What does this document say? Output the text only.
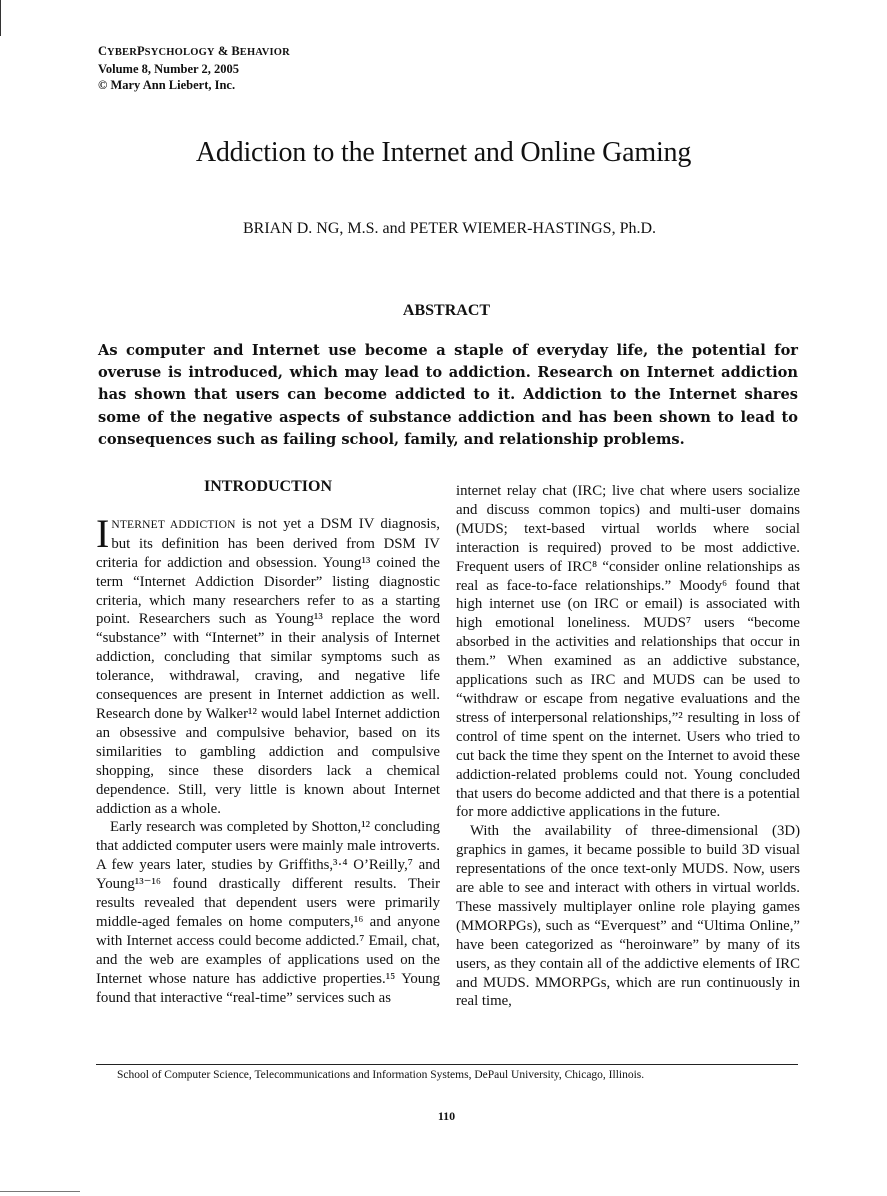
CYBERPSYCHOLOGY & BEHAVIOR
Volume 8, Number 2, 2005
© Mary Ann Liebert, Inc.
Addiction to the Internet and Online Gaming
BRIAN D. NG, M.S. and PETER WIEMER-HASTINGS, Ph.D.
ABSTRACT
As computer and Internet use become a staple of everyday life, the potential for overuse is introduced, which may lead to addiction. Research on Internet addiction has shown that users can become addicted to it. Addiction to the Internet shares some of the negative aspects of substance addiction and has been shown to lead to consequences such as failing school, family, and relationship problems.
INTRODUCTION

INTERNET ADDICTION is not yet a DSM IV diagnosis, but its definition has been derived from DSM IV criteria for addiction and obsession. Young¹³ coined the term “Internet Addiction Disorder” listing diagnostic criteria, which many researchers refer to as a starting point. Researchers such as Young¹³ replace the word “substance” with “Internet” in their analysis of Internet addiction, concluding that similar symptoms such as tolerance, withdrawal, craving, and negative life consequences are present in Internet addiction as well. Research done by Walker¹² would label Internet addiction an obsessive and compulsive behavior, based on its similarities to gambling addiction and compulsive shopping, since these disorders lack a chemical dependence. Still, very little is known about Internet addiction as a whole.

Early research was completed by Shotton,¹² concluding that addicted computer users were mainly male introverts. A few years later, studies by Griffiths,³·⁴ O’Reilly,⁷ and Young¹³⁻¹⁶ found drastically different results. Their results revealed that dependent users were primarily middle-aged females on home computers,¹⁶ and anyone with Internet access could become addicted.⁷ Email, chat, and the web are examples of applications used on the Internet whose nature has addictive properties.¹⁵ Young found that interactive “real-time” services such as

internet relay chat (IRC; live chat where users socialize and discuss common topics) and multi-user domains (MUDS; text-based virtual worlds where social interaction is required) proved to be most addictive. Frequent users of IRC⁸ “consider online relationships as real as face-to-face relationships.” Moody⁶ found that high internet use (on IRC or email) is associated with high emotional loneliness. MUDS⁷ users “become absorbed in the activities and relationships that occur in them.” When examined as an addictive substance, applications such as IRC and MUDS can be used to “withdraw or escape from negative evaluations and the stress of interpersonal relationships,”² resulting in loss of control of time spent on the internet. Users who tried to cut back the time they spent on the Internet to avoid these addiction-related problems could not. Young concluded that users do become addicted and that there is a potential for more addictive applications in the future.

With the availability of three-dimensional (3D) graphics in games, it became possible to build 3D visual representations of the once text-only MUDS. Now, users are able to see and interact with others in virtual worlds. These massively multiplayer online role playing games (MMORPGs), such as “Everquest” and “Ultima Online,” have been categorized as “heroinware” by many of its users, as they contain all of the addictive elements of IRC and MUDS. MMORPGs, which are run continuously in real time,

School of Computer Science, Telecommunications and Information Systems, DePaul University, Chicago, Illinois.
110
